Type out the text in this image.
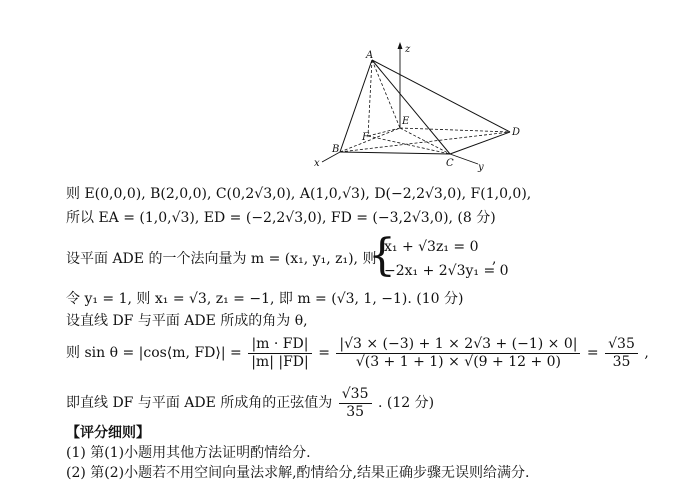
A
B
C
D
E
F
x	y
z
则 E(0,0,0), B(2,0,0), C(0,2√3,0), A(1,0,√3), D(−2,2√3,0), F(1,0,0),
所以 EA = (1,0,√3), ED = (−2,2√3,0), FD = (−3,2√3,0), (8 分)
设平面 ADE 的一个法向量为 m = (x₁, y₁, z₁), 则
{
x₁ + √3z₁ = 0
−2x₁ + 2√3y₁ = 0
,
令 y₁ = 1, 则 x₁ = √3, z₁ = −1, 即 m = (√3, 1, −1). (10 分)
设直线 DF 与平面 ADE 所成的角为 θ,
则 sin θ = |cos⟨m, FD⟩| = $\frac{|m \cdot FD|}{|m| |FD|} = \frac{|√3 \times (-3) + 1 \times 2√3 + (-1) \times 0|}{√(3 + 1 + 1) \times √(9 + 12 + 0)} = \frac{√35}{35}$ ,
即直线 DF 与平面 ADE 所成角的正弦值为 $\frac{√35}{35}$ . (12 分)
【评分细则】
(1) 第(1)小题用其他方法证明酌情给分.
(2) 第(2)小题若不用空间向量法求解,酌情给分,结果正确步骤无误则给满分.
